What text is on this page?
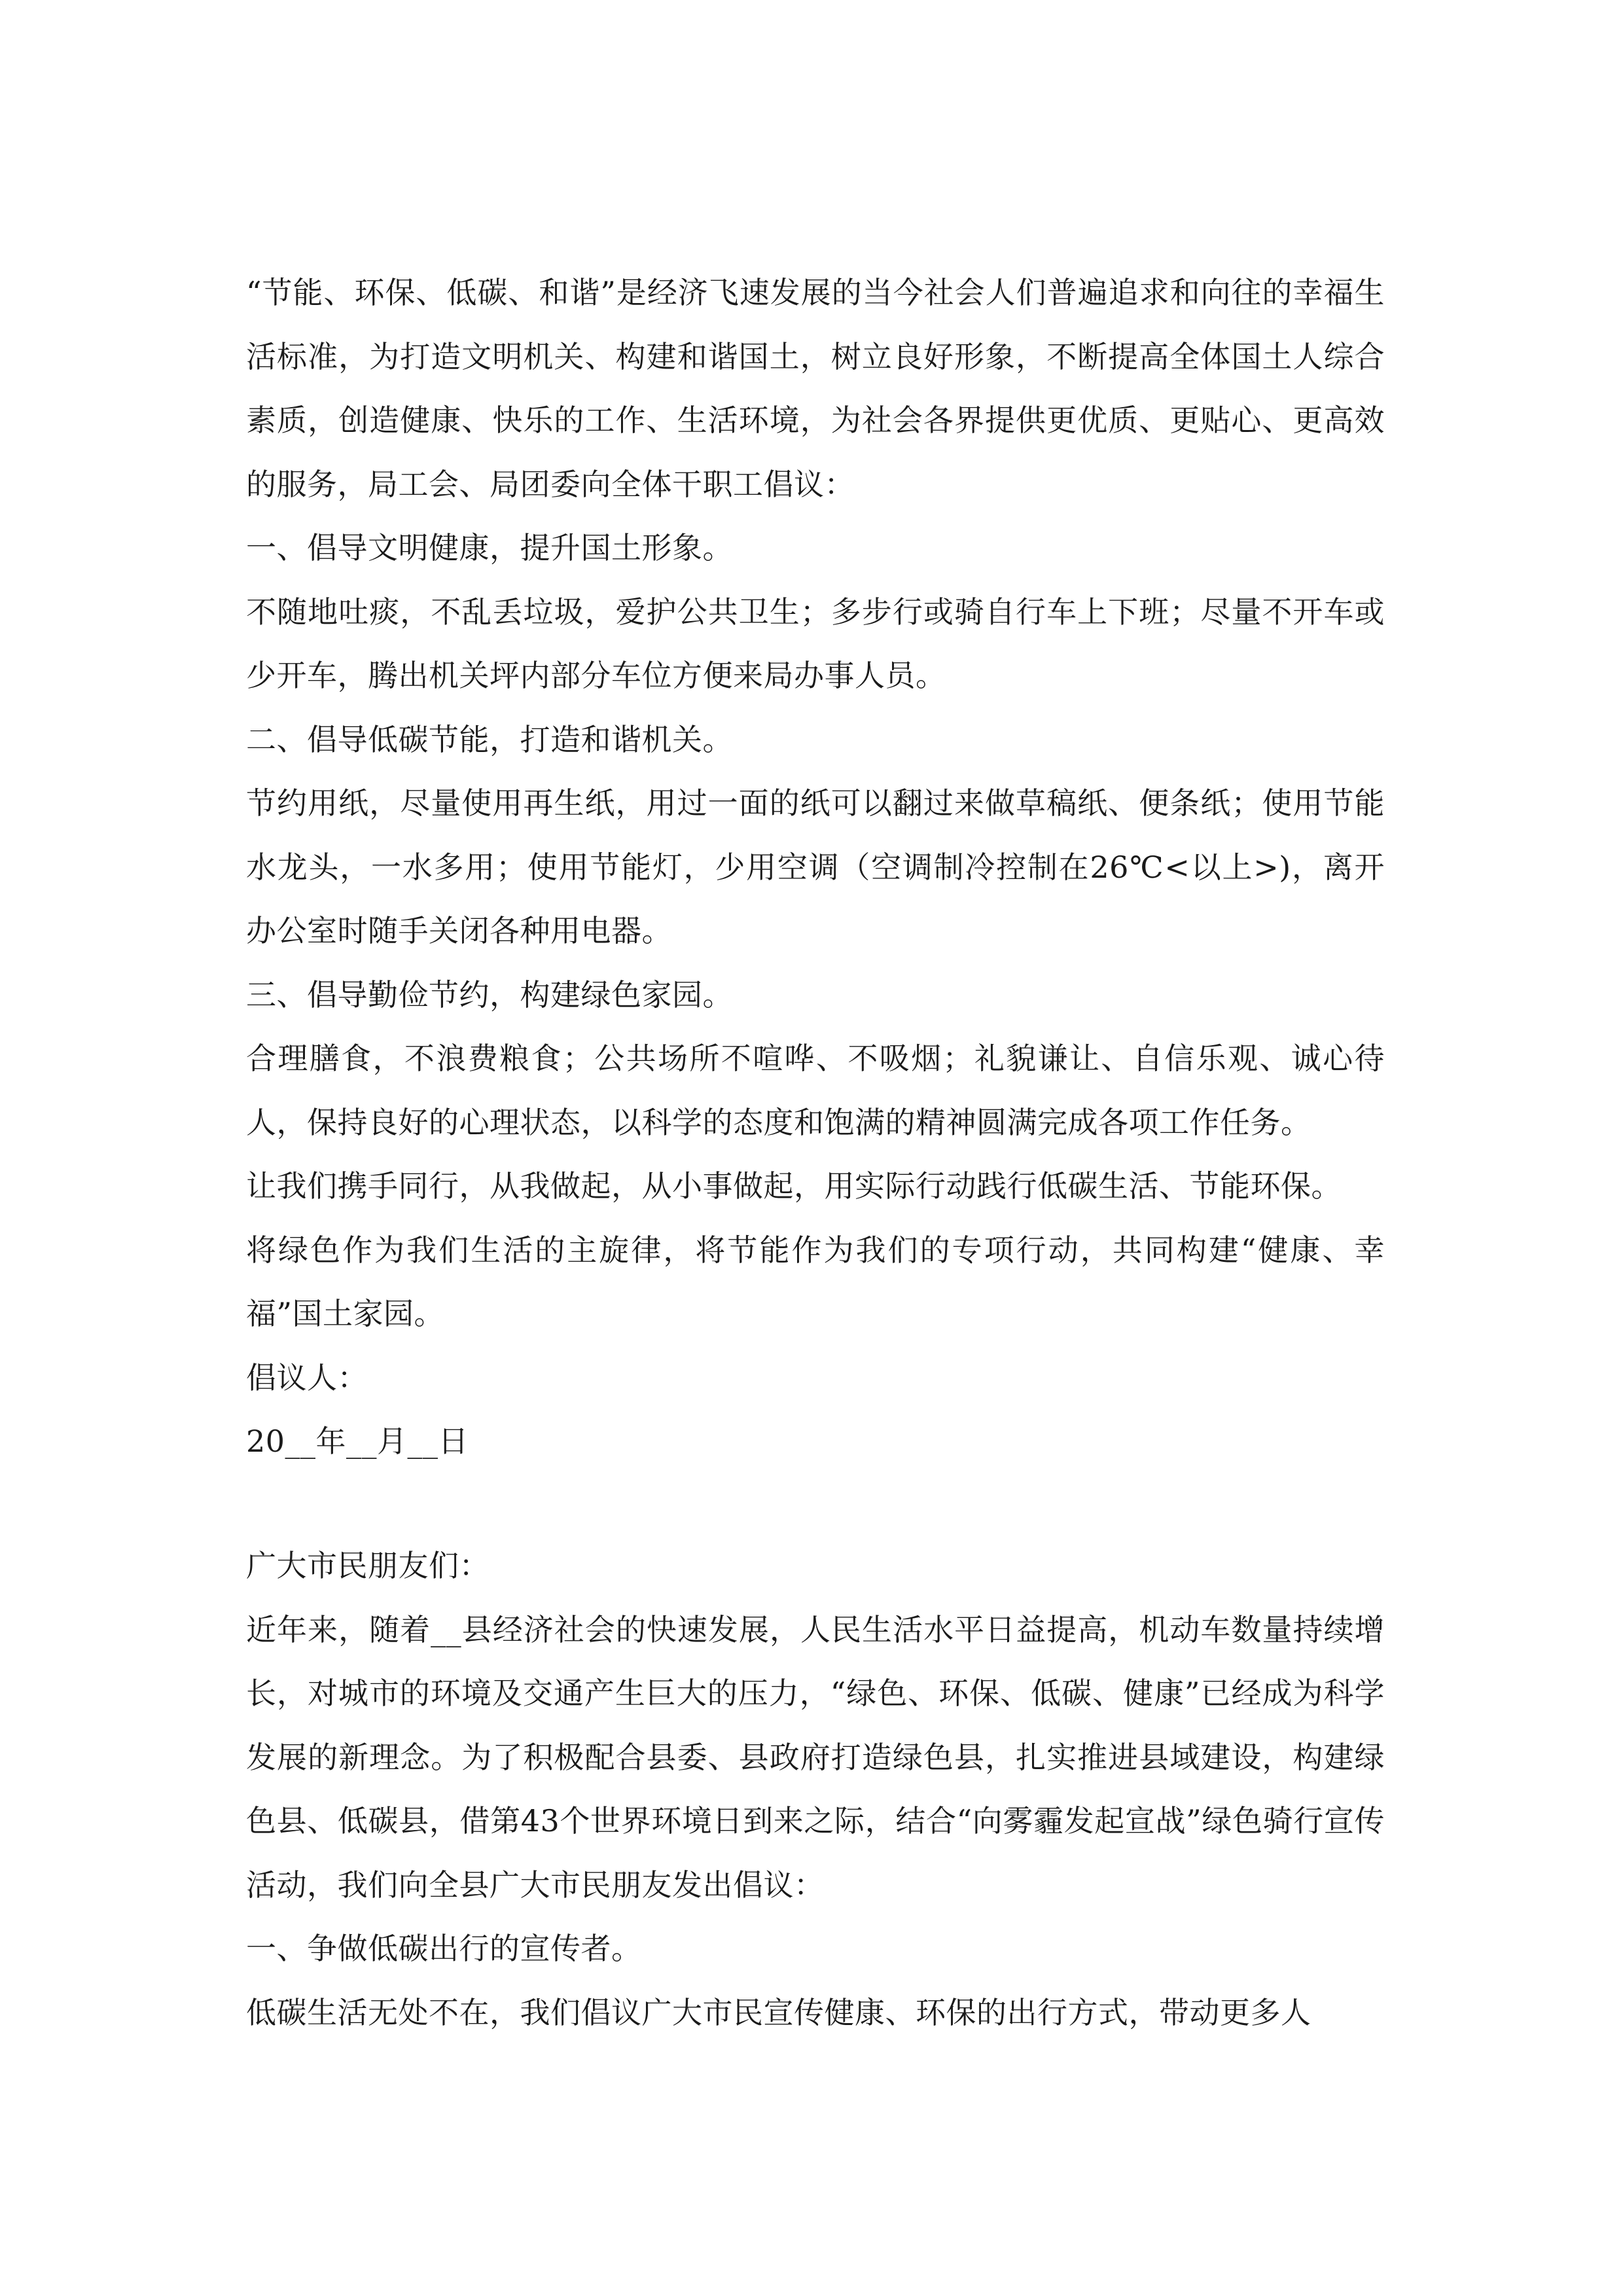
“节能、环保、低碳、和谐”是经济飞速发展的当今社会人们普遍追求和向往的幸福生活标准，为打造文明机关、构建和谐国土，树立良好形象，不断提高全体国土人综合素质，创造健康、快乐的工作、生活环境，为社会各界提供更优质、更贴心、更高效的服务，局工会、局团委向全体干职工倡议：

一、倡导文明健康，提升国土形象。

不随地吐痰，不乱丢垃圾，爱护公共卫生；多步行或骑自行车上下班；尽量不开车或少开车，腾出机关坪内部分车位方便来局办事人员。

二、倡导低碳节能，打造和谐机关。

节约用纸，尽量使用再生纸，用过一面的纸可以翻过来做草稿纸、便条纸；使用节能水龙头，一水多用；使用节能灯，少用空调（空调制冷控制在26℃<以上>)，离开办公室时随手关闭各种用电器。

三、倡导勤俭节约，构建绿色家园。

合理膳食，不浪费粮食；公共场所不喧哗、不吸烟；礼貌谦让、自信乐观、诚心待人，保持良好的心理状态，以科学的态度和饱满的精神圆满完成各项工作任务。

让我们携手同行，从我做起，从小事做起，用实际行动践行低碳生活、节能环保。

将绿色作为我们生活的主旋律，将节能作为我们的专项行动，共同构建“健康、幸福”国土家园。

倡议人：

20__年__月__日

广大市民朋友们：

近年来，随着__县经济社会的快速发展，人民生活水平日益提高，机动车数量持续增长，对城市的环境及交通产生巨大的压力，“绿色、环保、低碳、健康”已经成为科学发展的新理念。为了积极配合县委、县政府打造绿色县，扎实推进县域建设，构建绿色县、低碳县，借第43个世界环境日到来之际，结合“向雾霾发起宣战”绿色骑行宣传活动，我们向全县广大市民朋友发出倡议：

一、争做低碳出行的宣传者。

低碳生活无处不在，我们倡议广大市民宣传健康、环保的出行方式，带动更多人
